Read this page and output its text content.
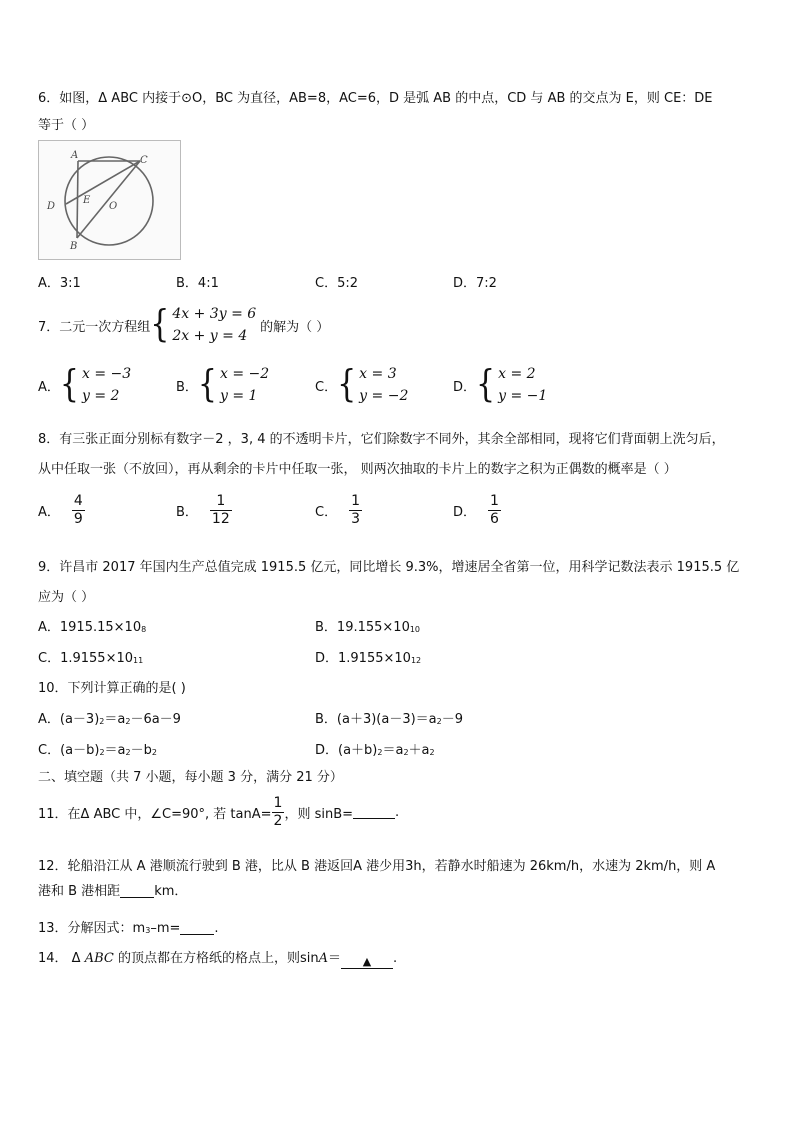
6．如图，Δ ABC 内接于⊙O，BC 为直径，AB=8，AC=6，D 是弧 AB 的中点，CD 与 AB 的交点为 E，则 CE：DE
等于（ ）
A	C
D
E
O
B
A．3:1	B．4:1	C．5:2	D．7:2
7．二元一次方程组 { 4x + 3y = 6
2x + y = 4
的解为（ ）
A． { x = −3
y = 2
B． { x = −2
y = 1
C． { x = 3
y = −2
D． { x = 2
y = −1
8．有三张正面分别标有数字－2 ，3, 4 的不透明卡片，它们除数字不同外，其余全部相同，现将它们背面朝上洗匀后，
从中任取一张（不放回），再从剩余的卡片中任取一张， 则两次抽取的卡片上的数字之积为正偶数的概率是（ ）
A． $\frac{4}{9}$	B． $\frac{1}{12}$	C． $\frac{1}{3}$	D． $\frac{1}{6}$
9．许昌市 2017 年国内生产总值完成 1915.5 亿元，同比增长 9.3%，增速居全省第一位，用科学记数法表示 1915.5 亿
应为（ ）
A．$1915.15\times 10_8$	B．$19.155\times 10_{10}$
C．$1.9155\times 10_{11}$	D．$1.9155\times 10_{12}$
10．下列计算正确的是( )
A．$(a-3)_2=a_2-6a-9$	B．$(a+3)(a-3)=a_2-9$
C．$(a-b)_2=a_2-b_2$	D．$(a+b)_2=a_2+a_2$
二、填空题（共 7 小题，每小题 3 分，满分 21 分）
11．在Δ ABC 中，∠C=90°, 若 $\tan A= \frac{1}{2}$ ，则 sinB=	.
12．轮船沿江从 A 港顺流行驶到 B 港，比从 B 港返回A 港少用3h，若静水时船速为 26km/h，水速为 2km/h，则 A
港和 B 港相距	km．
13．分解因式：$m_3-m=$	.
14． Δ ABC 的顶点都在方格纸的格点上，则sinA＝ ▲ .
